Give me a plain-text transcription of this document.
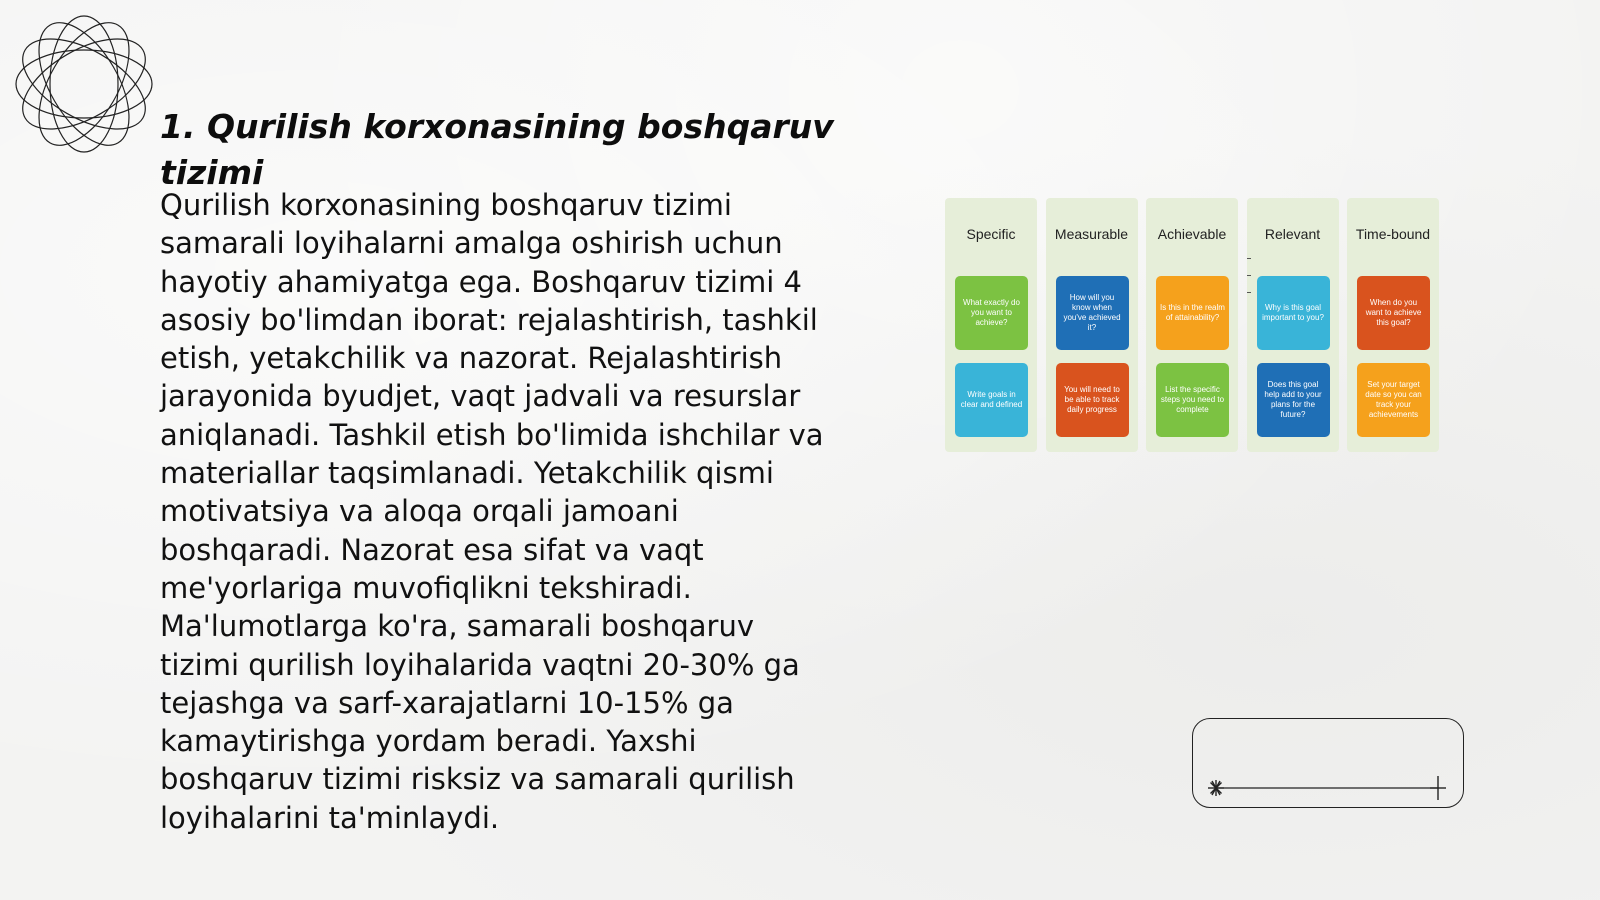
1. Qurilish korxonasining boshqaruv tizimi

Qurilish korxonasining boshqaruv tizimi samarali loyihalarni amalga oshirish uchun hayotiy ahamiyatga ega. Boshqaruv tizimi 4 asosiy bo'limdan iborat: rejalashtirish, tashkil etish, yetakchilik va nazorat. Rejalashtirish jarayonida byudjet, vaqt jadvali va resurslar aniqlanadi. Tashkil etish bo'limida ishchilar va materiallar taqsimlanadi. Yetakchilik qismi motivatsiya va aloqa orqali jamoani boshqaradi. Nazorat esa sifat va vaqt me'yorlariga muvofiqlikni tekshiradi. Ma'lumotlarga ko'ra, samarali boshqaruv tizimi qurilish loyihalarida vaqtni 20-30% ga tejashga va sarf-xarajatlarni 10-15% ga kamaytirishga yordam beradi. Yaxshi boshqaruv tizimi risksiz va samarali qurilish loyihalarini ta'minlaydi.

Specific
What exactly do you want to achieve?
Write goals in clear and defined
Measurable
How will you know when you've achieved it?
You will need to be able to track daily progress
Achievable
Is this in the realm of attainability?
List the specific steps you need to complete
Relevant
Why is this goal important to you?
Does this goal help add to your plans for the future?
Time-bound
When do you want to achieve this goal?
Set your target date so you can track your achievements
